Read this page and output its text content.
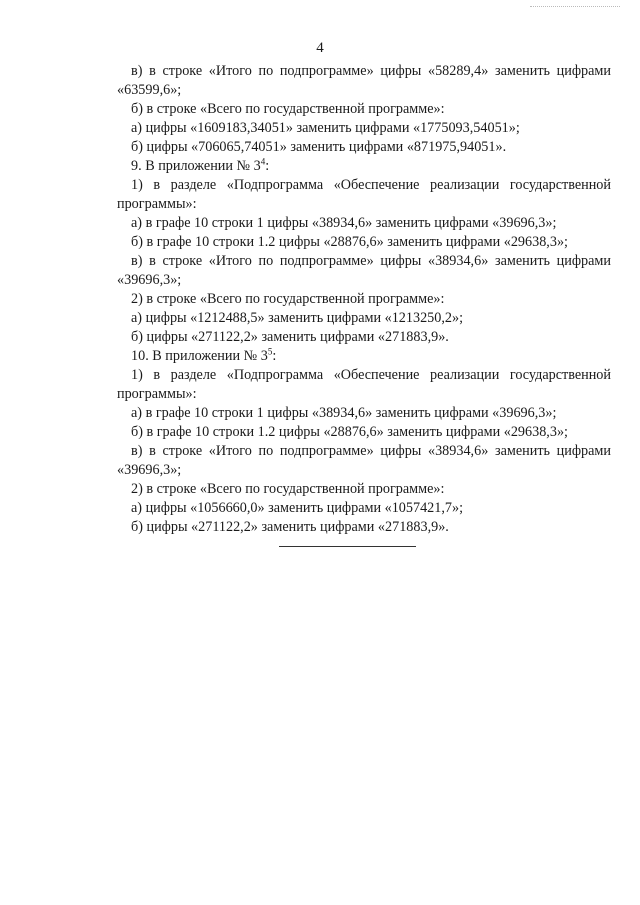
4

в) в строке «Итого по подпрограмме» цифры «58289,4» заменить цифрами «63599,6»;

б) в строке «Всего по государственной программе»:

а) цифры «1609183,34051» заменить цифрами «1775093,54051»;

б) цифры «706065,74051» заменить цифрами «871975,94051».

9. В приложении № $3^4$:

1) в разделе «Подпрограмма «Обеспечение реализации государственной программы»:

а) в графе 10 строки 1 цифры «38934,6» заменить цифрами «39696,3»;

б) в графе 10 строки 1.2 цифры «28876,6» заменить цифрами «29638,3»;

в) в строке «Итого по подпрограмме» цифры «38934,6» заменить цифрами «39696,3»;

2) в строке «Всего по государственной программе»:

а) цифры «1212488,5» заменить цифрами «1213250,2»;

б) цифры «271122,2» заменить цифрами «271883,9».

10. В приложении № $3^5$:

1) в разделе «Подпрограмма «Обеспечение реализации государственной программы»:

а) в графе 10 строки 1 цифры «38934,6» заменить цифрами «39696,3»;

б) в графе 10 строки 1.2 цифры «28876,6» заменить цифрами «29638,3»;

в) в строке «Итого по подпрограмме» цифры «38934,6» заменить цифрами «39696,3»;

2) в строке «Всего по государственной программе»:

а) цифры «1056660,0» заменить цифрами «1057421,7»;

б) цифры «271122,2» заменить цифрами «271883,9».
